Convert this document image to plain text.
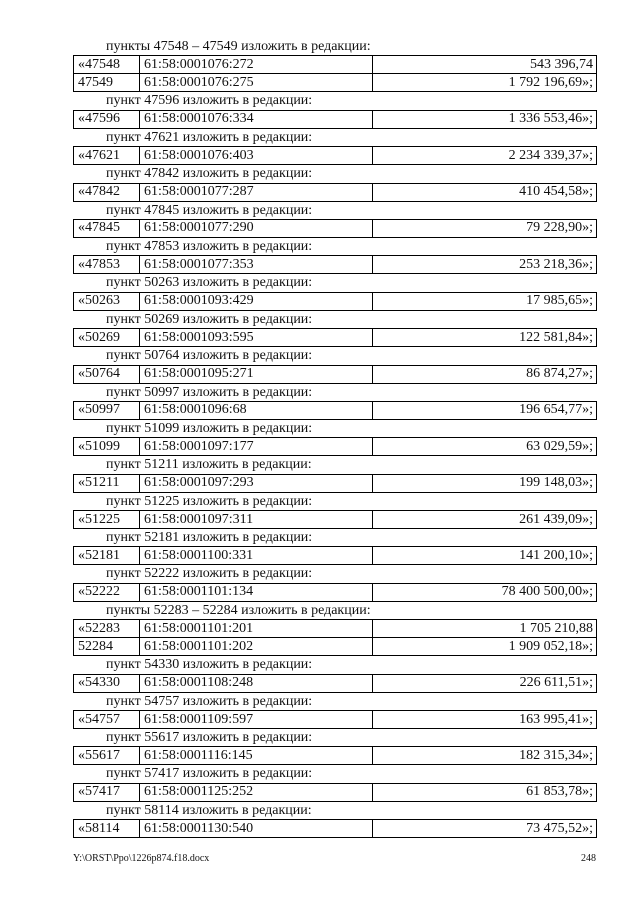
пункты 47548 – 47549 изложить в редакции:
«47548	61:58:0001076:272	543 396,74
47549	61:58:0001076:275	1 792 196,69»;
пункт 47596 изложить в редакции:
«47596	61:58:0001076:334	1 336 553,46»;
пункт 47621 изложить в редакции:
«47621	61:58:0001076:403	2 234 339,37»;
пункт 47842 изложить в редакции:
«47842	61:58:0001077:287	410 454,58»;
пункт 47845 изложить в редакции:
«47845	61:58:0001077:290	79 228,90»;
пункт 47853 изложить в редакции:
«47853	61:58:0001077:353	253 218,36»;
пункт 50263 изложить в редакции:
«50263	61:58:0001093:429	17 985,65»;
пункт 50269 изложить в редакции:
«50269	61:58:0001093:595	122 581,84»;
пункт 50764 изложить в редакции:
«50764	61:58:0001095:271	86 874,27»;
пункт 50997 изложить в редакции:
«50997	61:58:0001096:68	196 654,77»;
пункт 51099 изложить в редакции:
«51099	61:58:0001097:177	63 029,59»;
пункт 51211 изложить в редакции:
«51211	61:58:0001097:293	199 148,03»;
пункт 51225 изложить в редакции:
«51225	61:58:0001097:311	261 439,09»;
пункт 52181 изложить в редакции:
«52181	61:58:0001100:331	141 200,10»;
пункт 52222 изложить в редакции:
«52222	61:58:0001101:134	78 400 500,00»;
пункты 52283 – 52284 изложить в редакции:
«52283	61:58:0001101:201	1 705 210,88
52284	61:58:0001101:202	1 909 052,18»;
пункт 54330 изложить в редакции:
«54330	61:58:0001108:248	226 611,51»;
пункт 54757 изложить в редакции:
«54757	61:58:0001109:597	163 995,41»;
пункт 55617 изложить в редакции:
«55617	61:58:0001116:145	182 315,34»;
пункт 57417 изложить в редакции:
«57417	61:58:0001125:252	61 853,78»;
пункт 58114 изложить в редакции:
«58114	61:58:0001130:540	73 475,52»;
Y:\ORST\Ppo\1226p874.f18.docx	248
